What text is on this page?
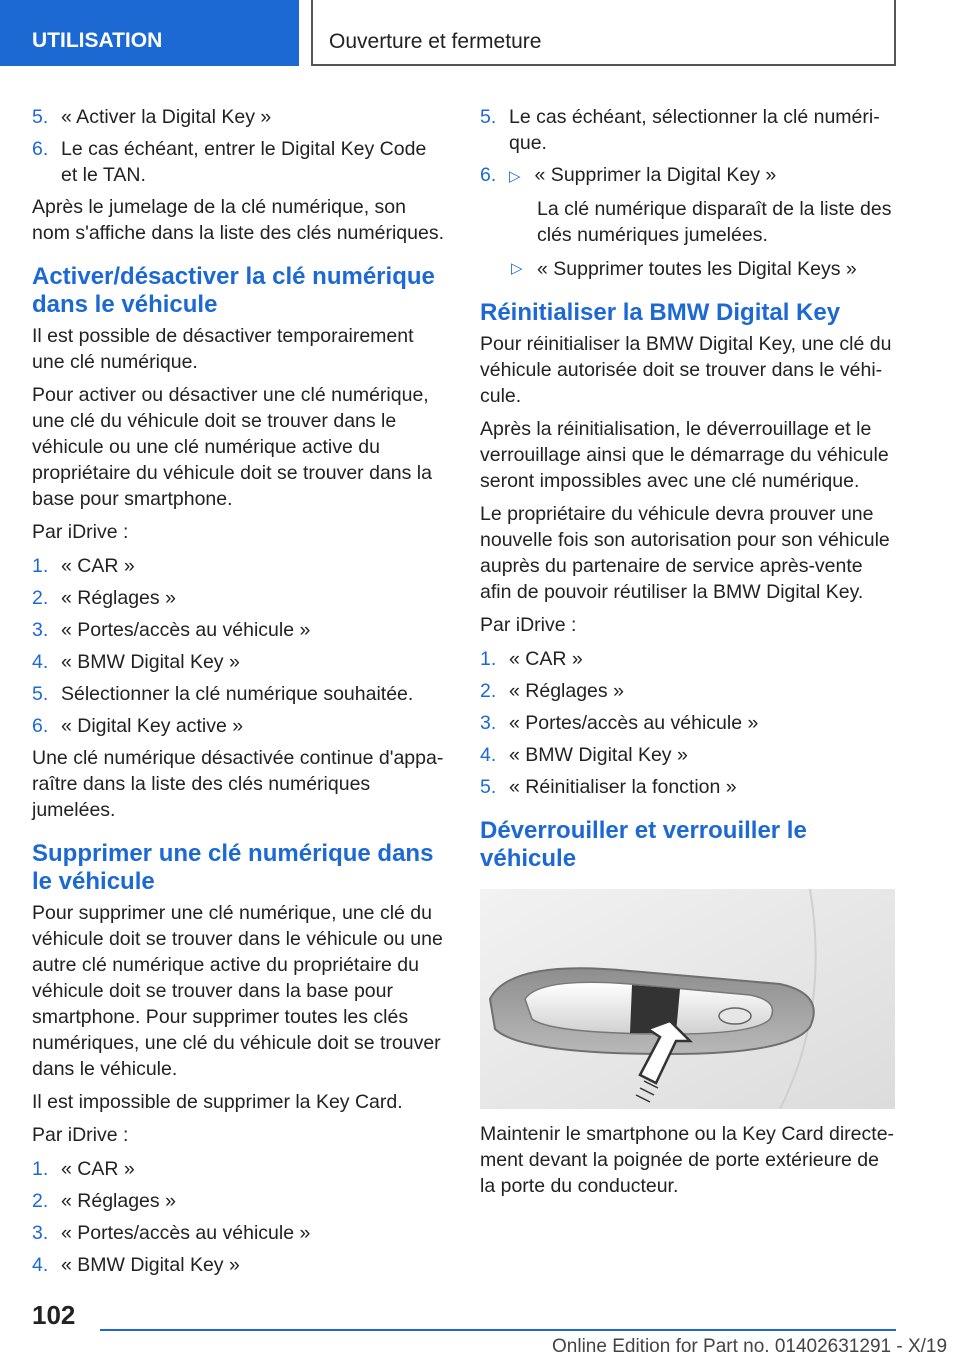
UTILISATION	Ouverture et fermeture
5. « Activer la Digital Key »
6. Le cas échéant, entrer le Digital Key Code et le TAN.
Après le jumelage de la clé numérique, son nom s'affiche dans la liste des clés numériques.
Activer/désactiver la clé numérique dans le véhicule
Il est possible de désactiver temporairement une clé numérique.
Pour activer ou désactiver une clé numérique, une clé du véhicule doit se trouver dans le véhicule ou une clé numérique active du propriétaire du véhicule doit se trouver dans la base pour smartphone.
Par iDrive :
1. « CAR »
2. « Réglages »
3. « Portes/accès au véhicule »
4. « BMW Digital Key »
5. Sélectionner la clé numérique souhaitée.
6. « Digital Key active »
Une clé numérique désactivée continue d'apparaître dans la liste des clés numériques jumelées.
Supprimer une clé numérique dans le véhicule
Pour supprimer une clé numérique, une clé du véhicule doit se trouver dans le véhicule ou une autre clé numérique active du propriétaire du véhicule doit se trouver dans la base pour smartphone. Pour supprimer toutes les clés numériques, une clé du véhicule doit se trouver dans le véhicule.
Il est impossible de supprimer la Key Card.
Par iDrive :
1. « CAR »
2. « Réglages »
3. « Portes/accès au véhicule »
4. « BMW Digital Key »
5. Le cas échéant, sélectionner la clé numérique.
6. ▷ « Supprimer la Digital Key »
La clé numérique disparaît de la liste des clés numériques jumelées.
▷ « Supprimer toutes les Digital Keys »
Réinitialiser la BMW Digital Key
Pour réinitialiser la BMW Digital Key, une clé du véhicule autorisée doit se trouver dans le véhicule.
Après la réinitialisation, le déverrouillage et le verrouillage ainsi que le démarrage du véhicule seront impossibles avec une clé numérique.
Le propriétaire du véhicule devra prouver une nouvelle fois son autorisation pour son véhicule auprès du partenaire de service après-vente afin de pouvoir réutiliser la BMW Digital Key.
Par iDrive :
1. « CAR »
2. « Réglages »
3. « Portes/accès au véhicule »
4. « BMW Digital Key »
5. « Réinitialiser la fonction »
Déverrouiller et verrouiller le véhicule
Maintenir le smartphone ou la Key Card directement devant la poignée de porte extérieure de la porte du conducteur.
102
Online Edition for Part no. 01402631291 - X/19
